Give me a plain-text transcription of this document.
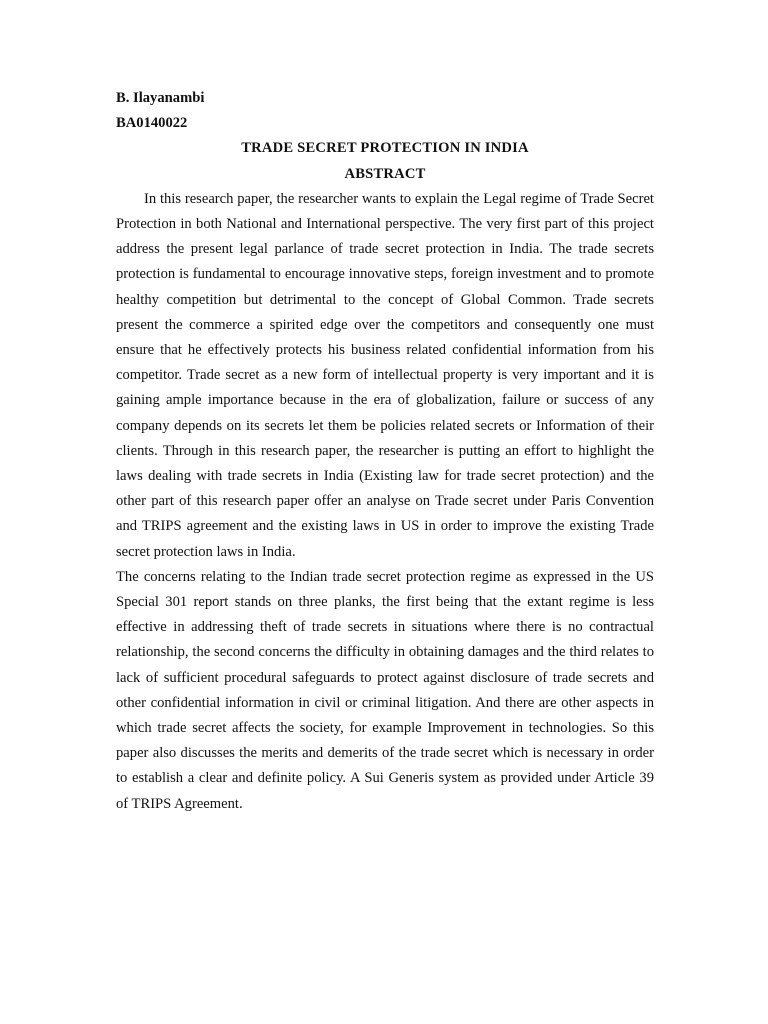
B. Ilayanambi

BA0140022

TRADE SECRET PROTECTION IN INDIA

ABSTRACT

In this research paper, the researcher wants to explain the Legal regime of Trade Secret Protection in both National and International perspective. The very first part of this project address the present legal parlance of trade secret protection in India. The trade secrets protection is fundamental to encourage innovative steps, foreign investment and to promote healthy competition but detrimental to the concept of Global Common. Trade secrets present the commerce a spirited edge over the competitors and consequently one must ensure that he effectively protects his business related confidential information from his competitor. Trade secret as a new form of intellectual property is very important and it is gaining ample importance because in the era of globalization, failure or success of any company depends on its secrets let them be policies related secrets or Information of their clients. Through in this research paper, the researcher is putting an effort to highlight the laws dealing with trade secrets in India (Existing law for trade secret protection) and the other part of this research paper offer an analyse on Trade secret under Paris Convention and TRIPS agreement and the existing laws in US in order to improve the existing Trade secret protection laws in India.

The concerns relating to the Indian trade secret protection regime as expressed in the US Special 301 report stands on three planks, the first being that the extant regime is less effective in addressing theft of trade secrets in situations where there is no contractual relationship, the second concerns the difficulty in obtaining damages and the third relates to lack of sufficient procedural safeguards to protect against disclosure of trade secrets and other confidential information in civil or criminal litigation. And there are other aspects in which trade secret affects the society, for example Improvement in technologies. So this paper also discusses the merits and demerits of the trade secret which is necessary in order to establish a clear and definite policy. A Sui Generis system as provided under Article 39 of TRIPS Agreement.
